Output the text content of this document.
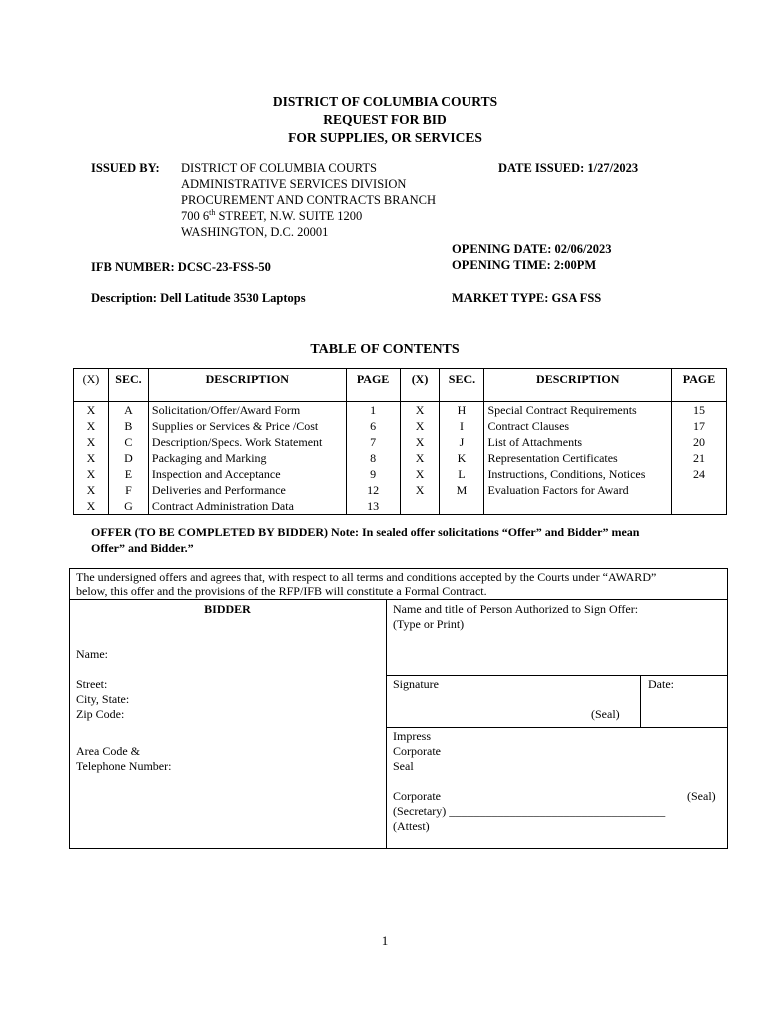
DISTRICT OF COLUMBIA COURTS
REQUEST FOR BID
FOR SUPPLIES, OR SERVICES
ISSUED BY: DISTRICT OF COLUMBIA COURTS
ADMINISTRATIVE SERVICES DIVISION
PROCUREMENT AND CONTRACTS BRANCH
700 6th STREET, N.W. SUITE 1200
WASHINGTON, D.C. 20001
DATE ISSUED: 1/27/2023
OPENING DATE: 02/06/2023
OPENING TIME: 2:00PM
IFB NUMBER: DCSC-23-FSS-50
Description: Dell Latitude 3530 Laptops	MARKET TYPE: GSA FSS
TABLE OF CONTENTS
(X)	SEC.	DESCRIPTION	PAGE	(X)	SEC.	DESCRIPTION	PAGE
X	A	Solicitation/Offer/Award Form	1	X	H	Special Contract Requirements	15
X	B	Supplies or Services & Price /Cost	6	X	I	Contract Clauses	17
X	C	Description/Specs. Work Statement	7	X	J	List of Attachments	20
X	D	Packaging and Marking	8	X	K	Representation Certificates	21
X	E	Inspection and Acceptance	9	X	L	Instructions, Conditions, Notices	24
X	F	Deliveries and Performance	12	X	M	Evaluation Factors for Award	
X	G	Contract Administration Data	13				
OFFER (TO BE COMPLETED BY BIDDER) Note: In sealed offer solicitations “Offer” and Bidder” mean
Offer” and Bidder.”
The undersigned offers and agrees that, with respect to all terms and conditions accepted by the Courts under “AWARD”
below, this offer and the provisions of the RFP/IFB will constitute a Formal Contract.
BIDDER	Name and title of Person Authorized to Sign Offer:
(Type or Print)
Name:
Street:
City, State:
Zip Code:
Signature	Date:
(Seal)
Impress
Corporate
Seal
Area Code &
Telephone Number:
Corporate	(Seal)
(Secretary) ____________________________________
(Attest)
1
